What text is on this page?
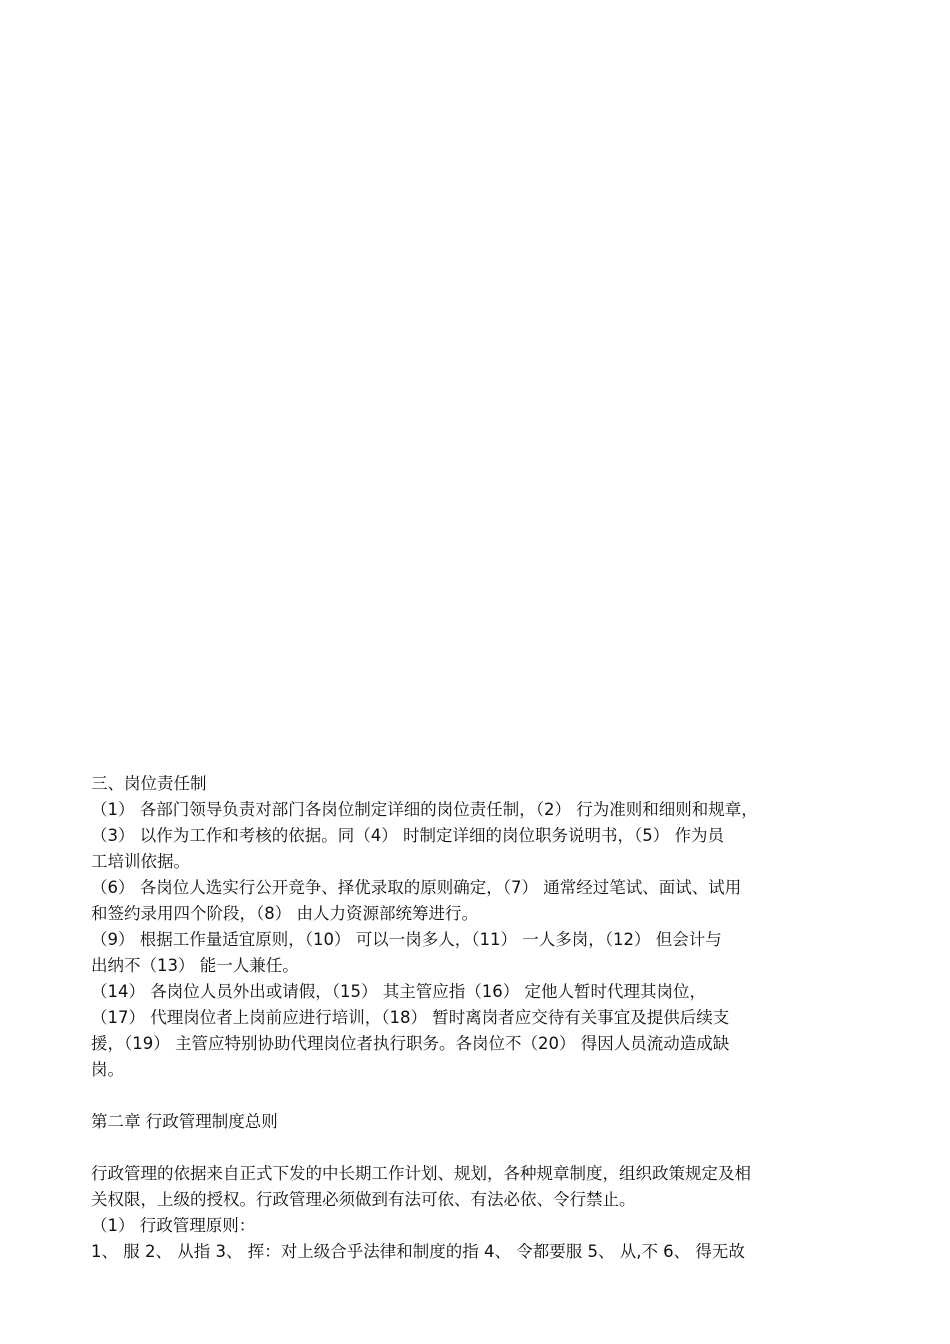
三、岗位责任制

（1） 各部门领导负责对部门各岗位制定详细的岗位责任制，（2） 行为准则和细则和规章，

（3） 以作为工作和考核的依据。同（4） 时制定详细的岗位职务说明书，（5） 作为员

工培训依据。

（6） 各岗位人选实行公开竞争、择优录取的原则确定，（7） 通常经过笔试、面试、试用

和签约录用四个阶段，（8） 由人力资源部统筹进行。

（9） 根据工作量适宜原则，（10） 可以一岗多人，（11） 一人多岗，（12） 但会计与

出纳不（13） 能一人兼任。

（14） 各岗位人员外出或请假，（15） 其主管应指（16） 定他人暂时代理其岗位，

（17） 代理岗位者上岗前应进行培训，（18） 暂时离岗者应交待有关事宜及提供后续支

援，（19） 主管应特别协助代理岗位者执行职务。各岗位不（20） 得因人员流动造成缺

岗。

第二章 行政管理制度总则

行政管理的依据来自正式下发的中长期工作计划、规划，各种规章制度，组织政策规定及相

关权限，上级的授权。行政管理必须做到有法可依、有法必依、令行禁止。

（1） 行政管理原则：

1、 服 2、 从指 3、 挥：对上级合乎法律和制度的指 4、 令都要服 5、 从,不 6、 得无故
